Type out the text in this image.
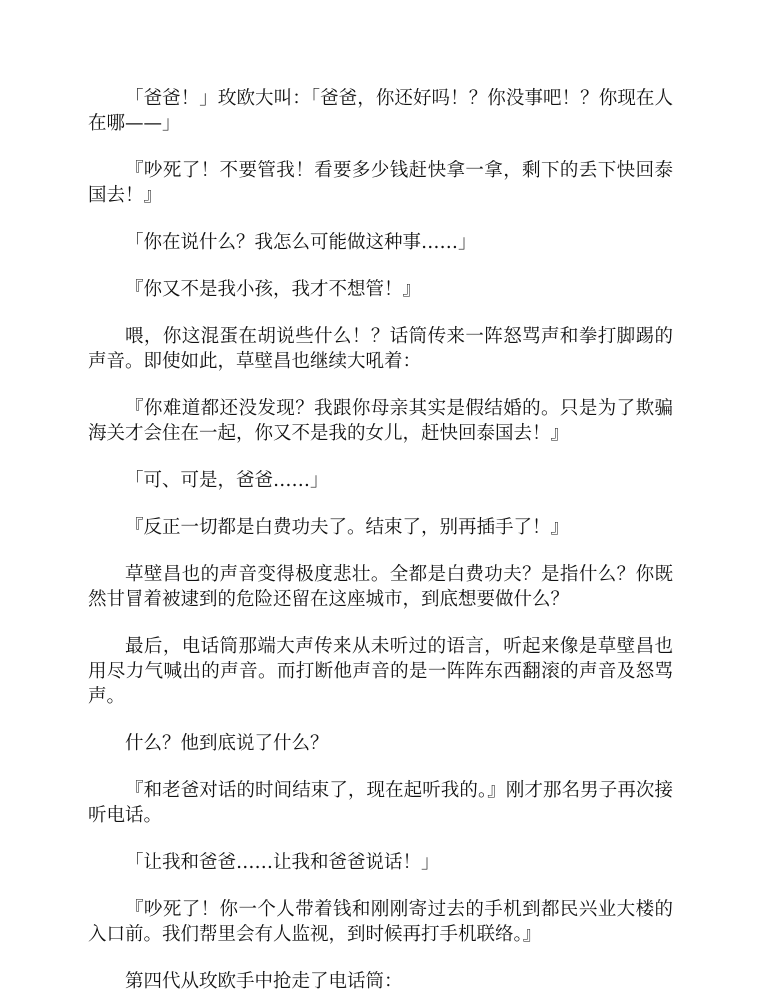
「爸爸！」玫欧大叫：「爸爸，你还好吗！？你没事吧！？你现在人在哪——」

『吵死了！不要管我！看要多少钱赶快拿一拿，剩下的丢下快回泰国去！』

「你在说什么？我怎么可能做这种事……」

『你又不是我小孩，我才不想管！』

喂，你这混蛋在胡说些什么！？话筒传来一阵怒骂声和拳打脚踢的声音。即使如此，草壁昌也继续大吼着：

『你难道都还没发现？我跟你母亲其实是假结婚的。只是为了欺骗海关才会住在一起，你又不是我的女儿，赶快回泰国去！』

「可、可是，爸爸……」

『反正一切都是白费功夫了。结束了，别再插手了！』

草壁昌也的声音变得极度悲壮。全都是白费功夫？是指什么？你既然甘冒着被逮到的危险还留在这座城市，到底想要做什么？

最后，电话筒那端大声传来从未听过的语言，听起来像是草壁昌也用尽力气喊出的声音。而打断他声音的是一阵阵东西翻滚的声音及怒骂声。

什么？他到底说了什么？

『和老爸对话的时间结束了，现在起听我的。』刚才那名男子再次接听电话。

「让我和爸爸……让我和爸爸说话！」

『吵死了！你一个人带着钱和刚刚寄过去的手机到都民兴业大楼的入口前。我们帮里会有人监视，到时候再打手机联络。』

第四代从玫欧手中抢走了电话筒：
